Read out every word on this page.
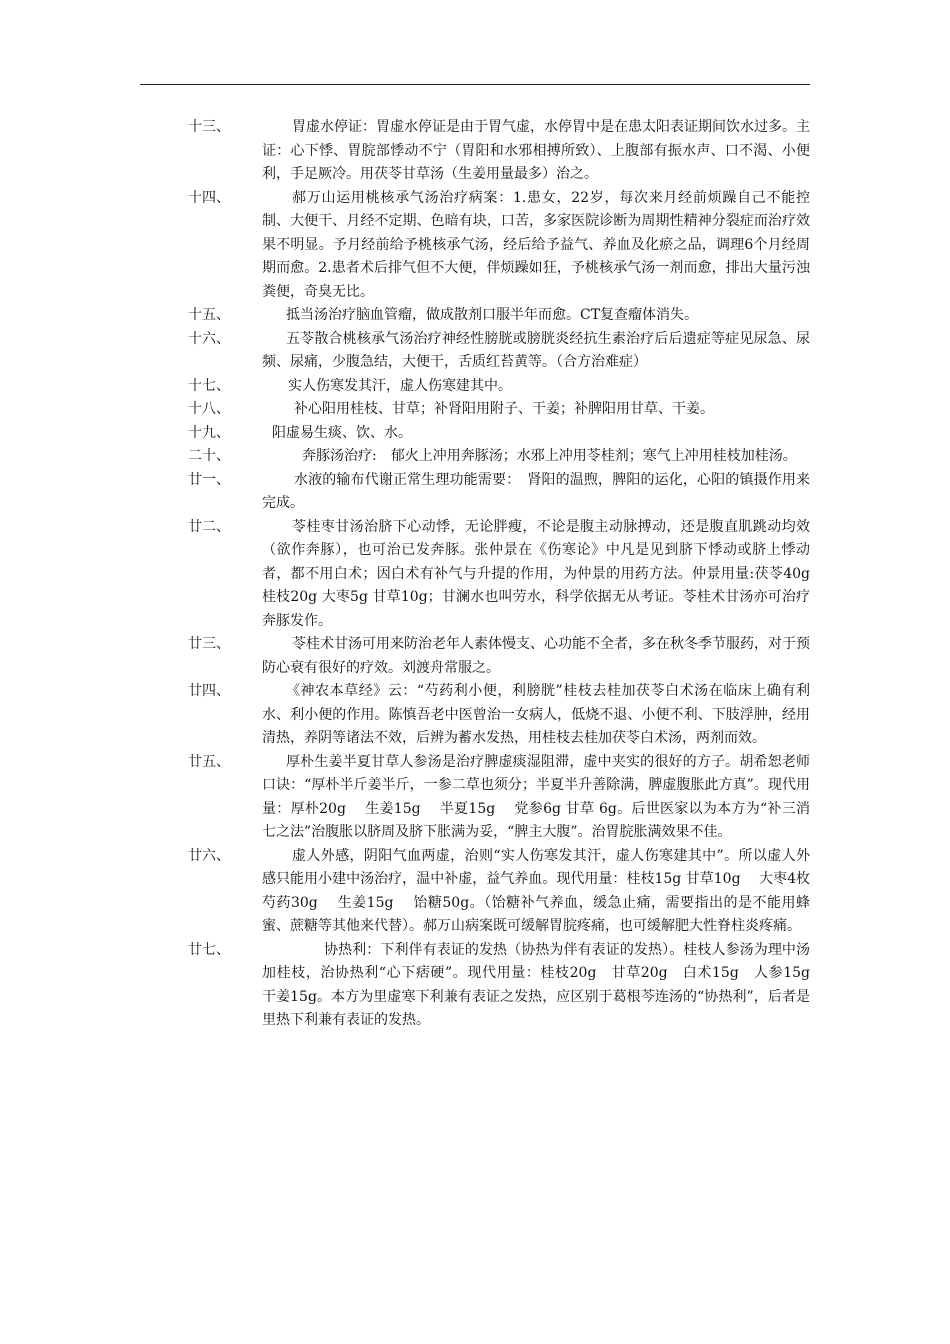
十三、	胃虚水停证：胃虚水停证是由于胃气虚，水停胃中是在患太阳表证期间饮水过多。主证：心下悸、胃脘部悸动不宁（胃阳和水邪相搏所致）、上腹部有振水声、口不渴、小便利，手足厥冷。用茯苓甘草汤（生姜用量最多）治之。
十四、	郝万山运用桃核承气汤治疗病案：1.患女，22岁，每次来月经前烦躁自己不能控制、大便干、月经不定期、色暗有块，口苦，多家医院诊断为周期性精神分裂症而治疗效果不明显。予月经前给予桃核承气汤，经后给予益气、养血及化瘀之品，调理6个月经周期而愈。2.患者术后排气但不大便，伴烦躁如狂，予桃核承气汤一剂而愈，排出大量污浊粪便，奇臭无比。
十五、	抵当汤治疗脑血管瘤，做成散剂口服半年而愈。CT复查瘤体消失。
十六、	五苓散合桃核承气汤治疗神经性膀胱或膀胱炎经抗生素治疗后后遗症等症见尿急、尿频、尿痛，少腹急结，大便干，舌质红苔黄等。（合方治难症）
十七、	实人伤寒发其汗，虚人伤寒建其中。
十八、	补心阳用桂枝、甘草；补肾阳用附子、干姜；补脾阳用甘草、干姜。
十九、	阳虚易生痰、饮、水。
二十、	奔豚汤治疗:　郁火上冲用奔豚汤；水邪上冲用苓桂剂；寒气上冲用桂枝加桂汤。
廿一、	水液的输布代谢正常生理功能需要：　肾阳的温煦，脾阳的运化，心阳的镇摄作用来完成。
廿二、	苓桂枣甘汤治脐下心动悸，无论胖瘦，不论是腹主动脉搏动，还是腹直肌跳动均效（欲作奔豚），也可治已发奔豚。张仲景在《伤寒论》中凡是见到脐下悸动或脐上悸动者，都不用白术；因白术有补气与升提的作用，为仲景的用药方法。仲景用量:茯苓40g 桂枝20g 大枣5g 甘草10g；甘澜水也叫劳水，科学依据无从考证。苓桂术甘汤亦可治疗奔豚发作。
廿三、	苓桂术甘汤可用来防治老年人素体慢支、心功能不全者，多在秋冬季节服药，对于预防心衰有很好的疗效。刘渡舟常服之。
廿四、	《神农本草经》云：“芍药利小便，利膀胱”桂枝去桂加茯苓白术汤在临床上确有利水、利小便的作用。陈慎吾老中医曾治一女病人，低烧不退、小便不利、下肢浮肿，经用清热，养阴等诸法不效，后辨为蓄水发热，用桂枝去桂加茯苓白术汤，两剂而效。
廿五、	厚朴生姜半夏甘草人参汤是治疗脾虚痰湿阻滞，虚中夹实的很好的方子。胡希恕老师口诀：“厚朴半斤姜半斤，一参二草也须分；半夏半升善除满，脾虚腹胀此方真”。现代用量：厚朴20g　 生姜15g　 半夏15g　 党参6g 甘草 6g。后世医家以为本方为“补三消七之法”治腹胀以脐周及脐下胀满为妥，“脾主大腹”。治胃脘胀满效果不佳。
廿六、	虚人外感，阴阳气血两虚，治则“实人伤寒发其汗，虚人伤寒建其中”。所以虚人外感只能用小建中汤治疗，温中补虚，益气养血。现代用量：桂枝15g 甘草10g　 大枣4枚　 芍药30g　 生姜15g　 饴糖50g。（饴糖补气养血，缓急止痛，需要指出的是不能用蜂蜜、蔗糖等其他来代替）。郝万山病案既可缓解胃脘疼痛，也可缓解肥大性脊柱炎疼痛。
廿七、	协热利：下利伴有表证的发热（协热为伴有表证的发热）。桂枝人参汤为理中汤加桂枝，治协热利“心下痞硬”。现代用量：桂枝20g　甘草20g　白术15g　人参15g　干姜15g。本方为里虚寒下利兼有表证之发热，应区别于葛根芩连汤的“协热利”，后者是里热下利兼有表证的发热。
